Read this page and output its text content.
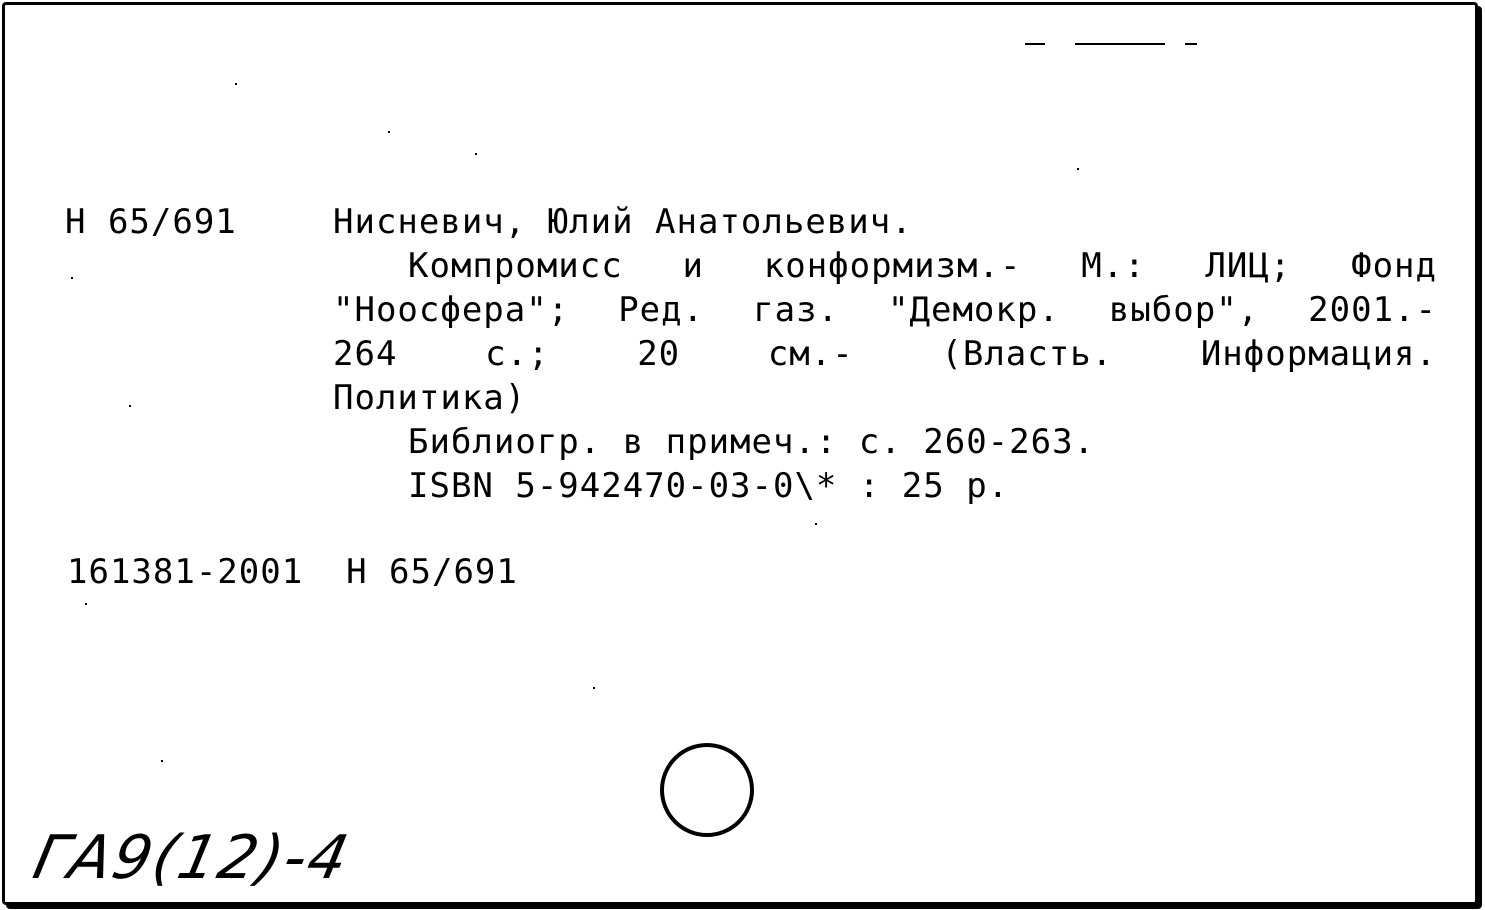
Н 65/691	Нисневич, Юлий Анатольевич.
Компромисс и конформизм.- М.: ЛИЦ; Фонд
"Ноосфера"; Ред. газ. "Демокр. выбор", 2001.-
264 с.; 20 см.- (Власть. Информация.
Политика)
Библиогр. в примеч.: с. 260-263.
ISBN 5-942470-03-0\* : 25 р.
161381-2001  Н 65/691
ГА9(12)-4
